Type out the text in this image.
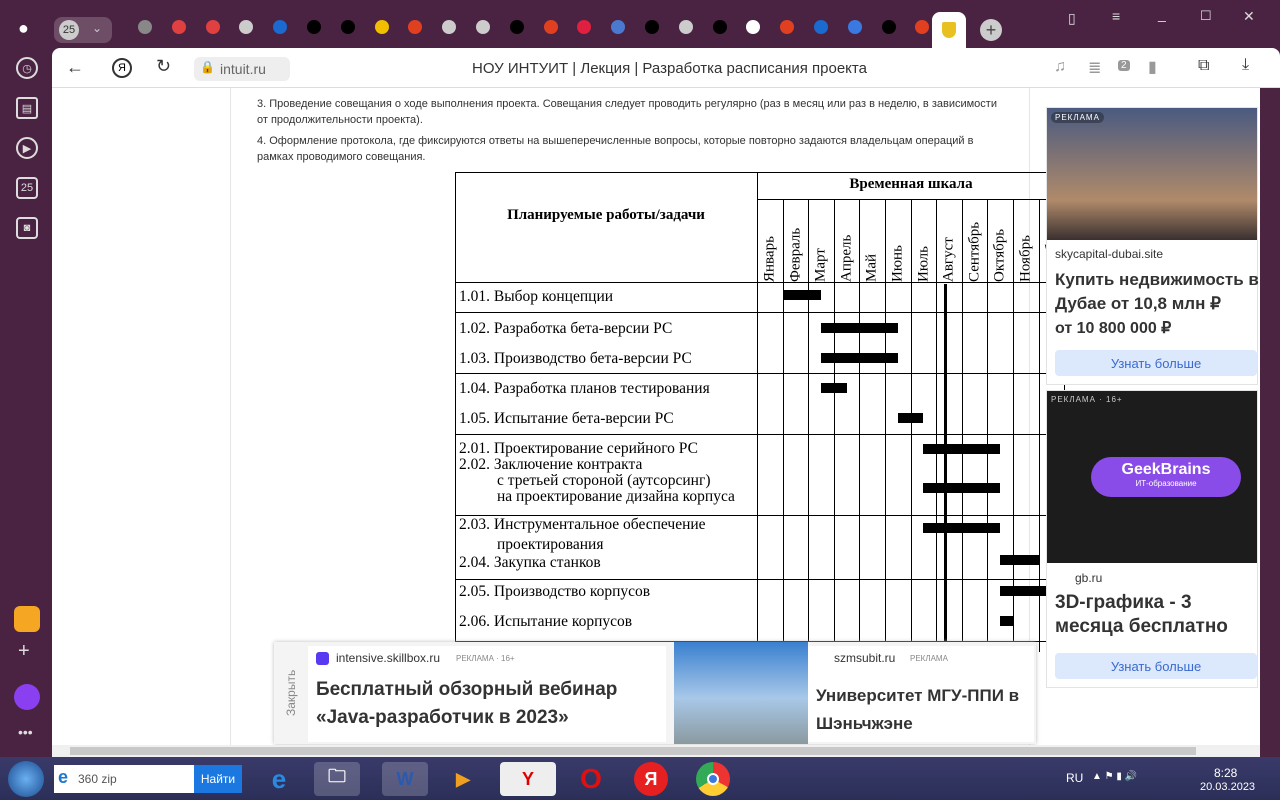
●	25	⌄	+
▯	≡	_	☐ ✕
◷
▤
▶
25
◙
+
•••
←	Я	↻ 🔒 intuit.ru	НОУ ИНТУИТ | Лекция | Разработка расписания проекта	♫ ≣	2 ▮	⧉ ⤓
3. Проведение совещания о ходе выполнения проекта. Совещания следует проводить регулярно (раз в месяц или раз в неделю, в зависимости от продолжительности проекта).
4. Оформление протокола, где фиксируются ответы на вышеперечисленные вопросы, которые повторно задаются владельцам операций в рамках проводимого совещания.
Планируемые работы/задачи
Временная шкала
Январь Февраль Март Апрель Май Июнь Июль Август Сентябрь Октябрь Ноябрь
1.01. Выбор концепции
1.02. Разработка бета-версии РС
1.03. Производство бета-версии РС
1.04. Разработка планов тестирования
1.05. Испытание бета-версии РС
2.01. Проектирование серийного РС
2.02. Заключение контракта
с третьей стороной (аутсорсинг)
на проектирование дизайна корпуса
2.03. Инструментальное обеспечение
проектирования
2.04. Закупка станков
2.05. Производство корпусов
2.06. Испытание корпусов
РЕКЛАМА
skycapital-dubai.site
Купить недвижимость в Дубае от 10,8 млн ₽
от 10 800 000 ₽
Узнать больше
GeekBrains
ИТ-образование
РЕКЛАМА · 16+
gb.ru
3D-графика - 3 месяца бесплатно
Узнать больше
Закрыть
intensive.skillbox.ru РЕКЛАМА · 16+
Бесплатный обзорный вебинар «Java-разработчик в 2023»
szmsubit.ru РЕКЛАМА
Университет МГУ-ППИ в Шэньчжэне
e 360 zip	Найти	RU ▲ ⚑ ▮ 🔊	8:28
20.03.2023
e	🗀	W	▶	Y	O	Я
